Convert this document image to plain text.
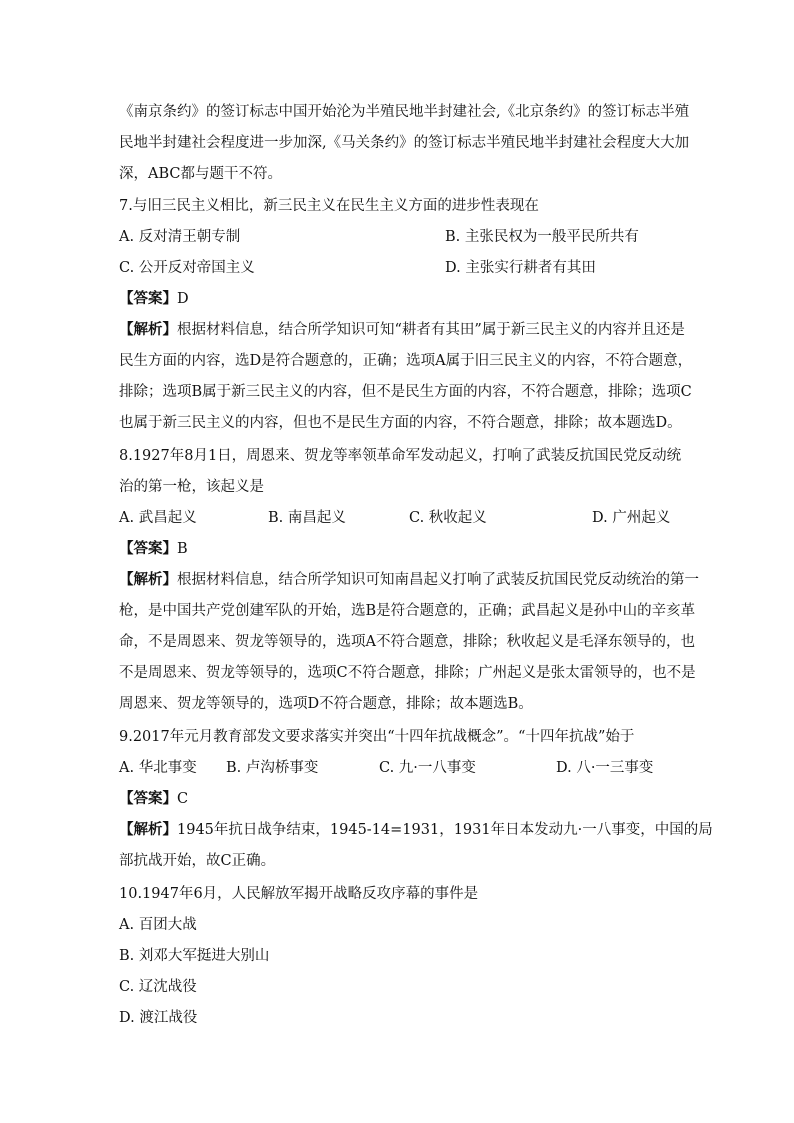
《南京条约》的签订标志中国开始沦为半殖民地半封建社会,《北京条约》的签订标志半殖
民地半封建社会程度进一步加深,《马关条约》的签订标志半殖民地半封建社会程度大大加
深，ABC都与题干不符。
7.与旧三民主义相比，新三民主义在民生主义方面的进步性表现在
A. 反对清王朝专制	B. 主张民权为一般平民所共有
C. 公开反对帝国主义	D. 主张实行耕者有其田
【答案】D
【解析】根据材料信息，结合所学知识可知“耕者有其田”属于新三民主义的内容并且还是
民生方面的内容，选D是符合题意的，正确；选项A属于旧三民主义的内容，不符合题意，
排除；选项B属于新三民主义的内容，但不是民生方面的内容，不符合题意，排除；选项C
也属于新三民主义的内容，但也不是民生方面的内容，不符合题意，排除；故本题选D。
8.1927年8月1日，周恩来、贺龙等率领革命军发动起义，打响了武装反抗国民党反动统
治的第一枪，该起义是
A. 武昌起义	B. 南昌起义	C. 秋收起义	D. 广州起义
【答案】B
【解析】根据材料信息，结合所学知识可知南昌起义打响了武装反抗国民党反动统治的第一
枪，是中国共产党创建军队的开始，选B是符合题意的，正确；武昌起义是孙中山的辛亥革
命，不是周恩来、贺龙等领导的，选项A不符合题意，排除；秋收起义是毛泽东领导的，也
不是周恩来、贺龙等领导的，选项C不符合题意，排除；广州起义是张太雷领导的，也不是
周恩来、贺龙等领导的，选项D不符合题意，排除；故本题选B。
9.2017年元月教育部发文要求落实并突出“十四年抗战概念”。“十四年抗战”始于
A. 华北事变 B. 卢沟桥事变	C. 九·一八事变	D. 八·一三事变
【答案】C
【解析】1945年抗日战争结束，1945-14=1931，1931年日本发动九·一八事变，中国的局
部抗战开始，故C正确。
10.1947年6月，人民解放军揭开战略反攻序幕的事件是
A. 百团大战
B. 刘邓大军挺进大别山
C. 辽沈战役
D. 渡江战役
